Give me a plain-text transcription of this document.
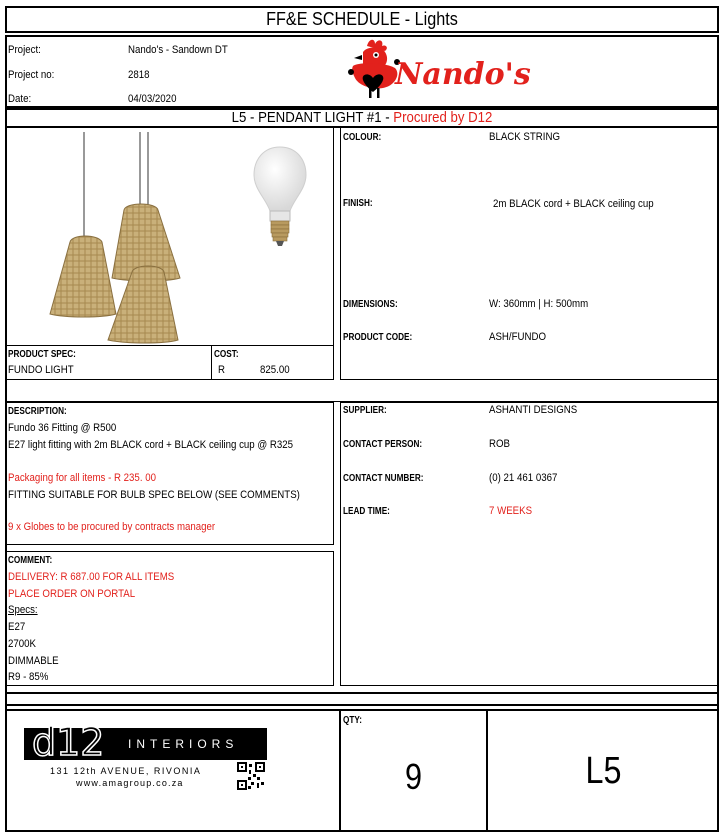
FF&E SCHEDULE - Lights
Project:	Nando's - Sandown DT
Project no:	2818
Date:	04/03/2020
Nando's
L5 - PENDANT LIGHT #1 - Procured by D12
PRODUCT SPEC:
FUNDO LIGHT
COST:
R	825.00
COLOUR:	BLACK STRING
FINISH:	2m BLACK cord + BLACK ceiling cup
DIMENSIONS:	W: 360mm | H: 500mm
PRODUCT CODE:	ASH/FUNDO
DESCRIPTION:
Fundo 36 Fitting @ R500
E27 light fitting with 2m BLACK cord + BLACK ceiling cup @ R325
Packaging for all items - R 235. 00
FITTING SUITABLE FOR BULB SPEC BELOW (SEE COMMENTS)
9 x Globes to be procured by contracts manager
COMMENT:
DELIVERY: R 687.00 FOR ALL ITEMS
PLACE ORDER ON PORTAL
Specs:
E27
2700K
DIMMABLE
R9 - 85%
SUPPLIER:	ASHANTI DESIGNS
CONTACT PERSON:	ROB
CONTACT NUMBER:	(0) 21 461 0367
LEAD TIME:	7 WEEKS
d12 INTERIORS
131 12th AVENUE, RIVONIA
www.amagroup.co.za
QTY:
9	L5
